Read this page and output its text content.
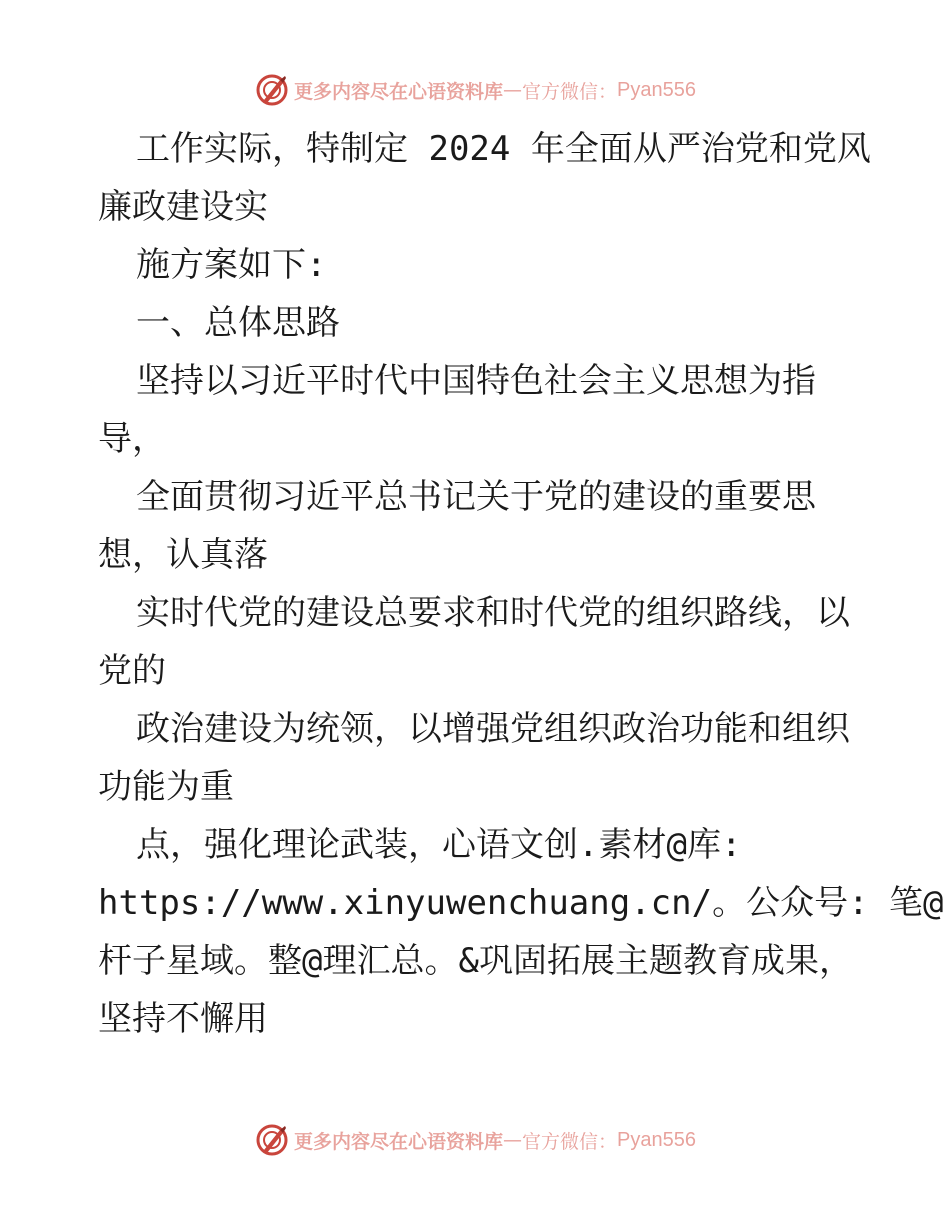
更多内容尽在心语资料库 — 官方微信： Pyan556
工作实际，特制定 2024 年全面从严治党和党风
廉政建设实
施方案如下:
一、总体思路
坚持以习近平时代中国特色社会主义思想为指
导，
全面贯彻习近平总书记关于党的建设的重要思
想，认真落
实时代党的建设总要求和时代党的组织路线，以
党的
政治建设为统领，以增强党组织政治功能和组织
功能为重
点，强化理论武装，心语文创.素材@库:
https://www.xinyuwenchuang.cn/。公众号: 笔@
杆子星域。整@理汇总。&巩固拓展主题教育成果，
坚持不懈用
更多内容尽在心语资料库 — 官方微信： Pyan556
